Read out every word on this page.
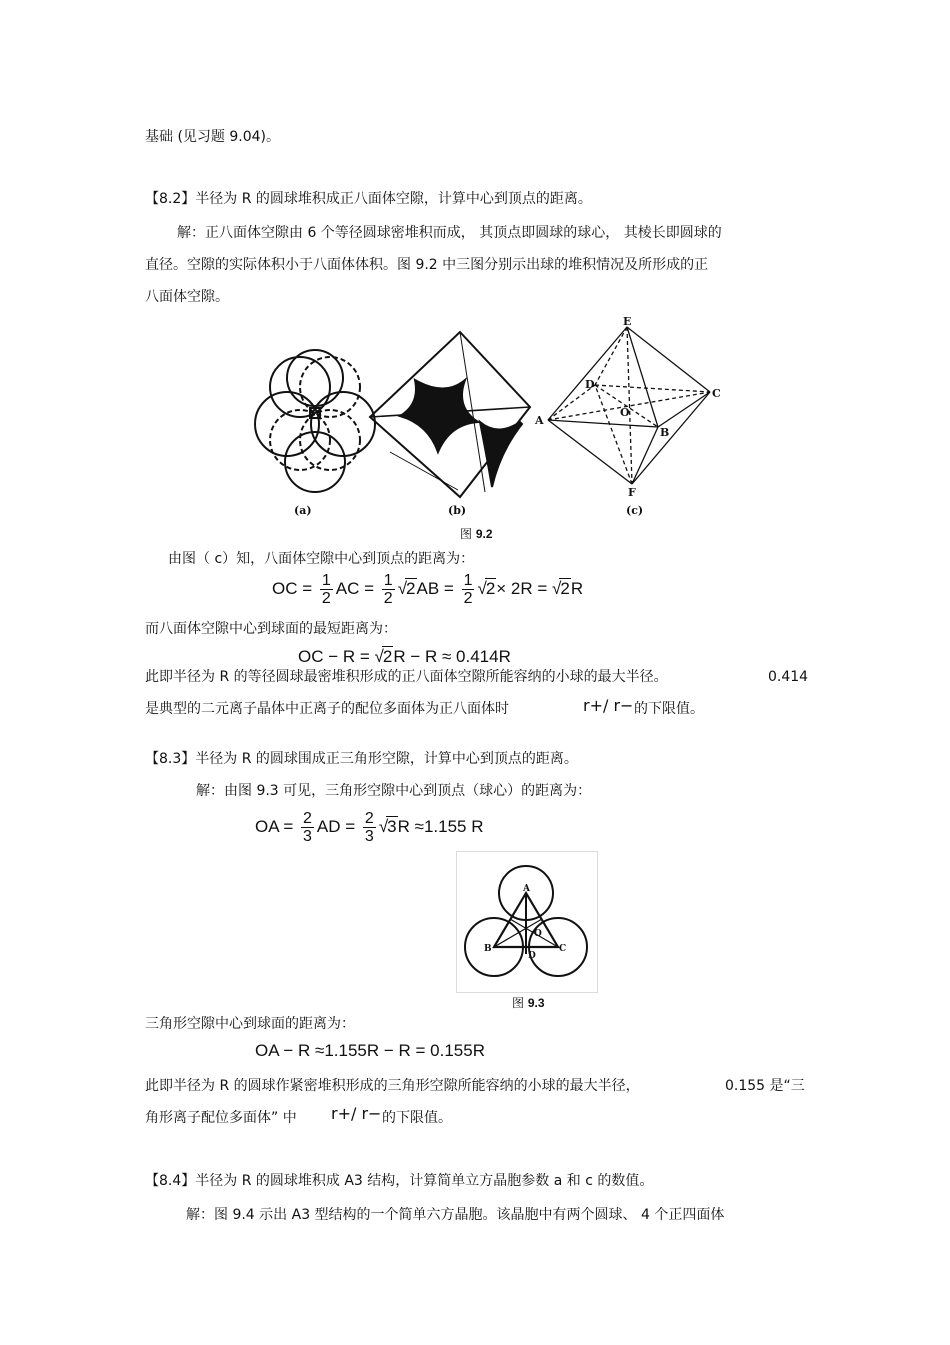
基础 (见习题 9.04)。
【8.2】半径为 R 的圆球堆积成正八面体空隙，计算中心到顶点的距离。
解：正八面体空隙由 6 个等径圆球密堆积而成， 其顶点即圆球的球心， 其棱长即圆球的
直径。空隙的实际体积小于八面体体积。图 9.2 中三图分别示出球的堆积情况及所形成的正
八面体空隙。
E
D
C
A
O
B
F
(a)	(b)	(c)
图 9.2
由图（ c）知，八面体空隙中心到顶点的距离为：
OC = $\frac{1}{2}$ AC = $\frac{1}{2} √2AB = \frac{1}{2} √2\times 2R = √2R$
而八面体空隙中心到球面的最短距离为：
OC − R = √2R − R ≈ 0.414R
此即半径为 R 的等径圆球最密堆积形成的正八面体空隙所能容纳的小球的最大半径。	0.414
是典型的二元离子晶体中正离子的配位多面体为正八面体时	r+/ r− 的下限值。
【8.3】半径为 R 的圆球围成正三角形空隙，计算中心到顶点的距离。
解：由图 9.3 可见，三角形空隙中心到顶点（球心）的距离为：
OA = $\frac{2}{3}$ AD = $\frac{2}{3} √3R \approx 1.155$ R
A
O
B	C
D
图 9.3
三角形空隙中心到球面的距离为：
OA − R ≈1.155R − R = 0.155R
此即半径为 R 的圆球作紧密堆积形成的三角形空隙所能容纳的小球的最大半径，	0.155 是“三
角形离子配位多面体” 中 r+/ r− 的下限值。
【8.4】半径为 R 的圆球堆积成 A3 结构，计算简单立方晶胞参数 a 和 c 的数值。
解：图 9.4 示出 A3 型结构的一个简单六方晶胞。该晶胞中有两个圆球、 4 个正四面体
